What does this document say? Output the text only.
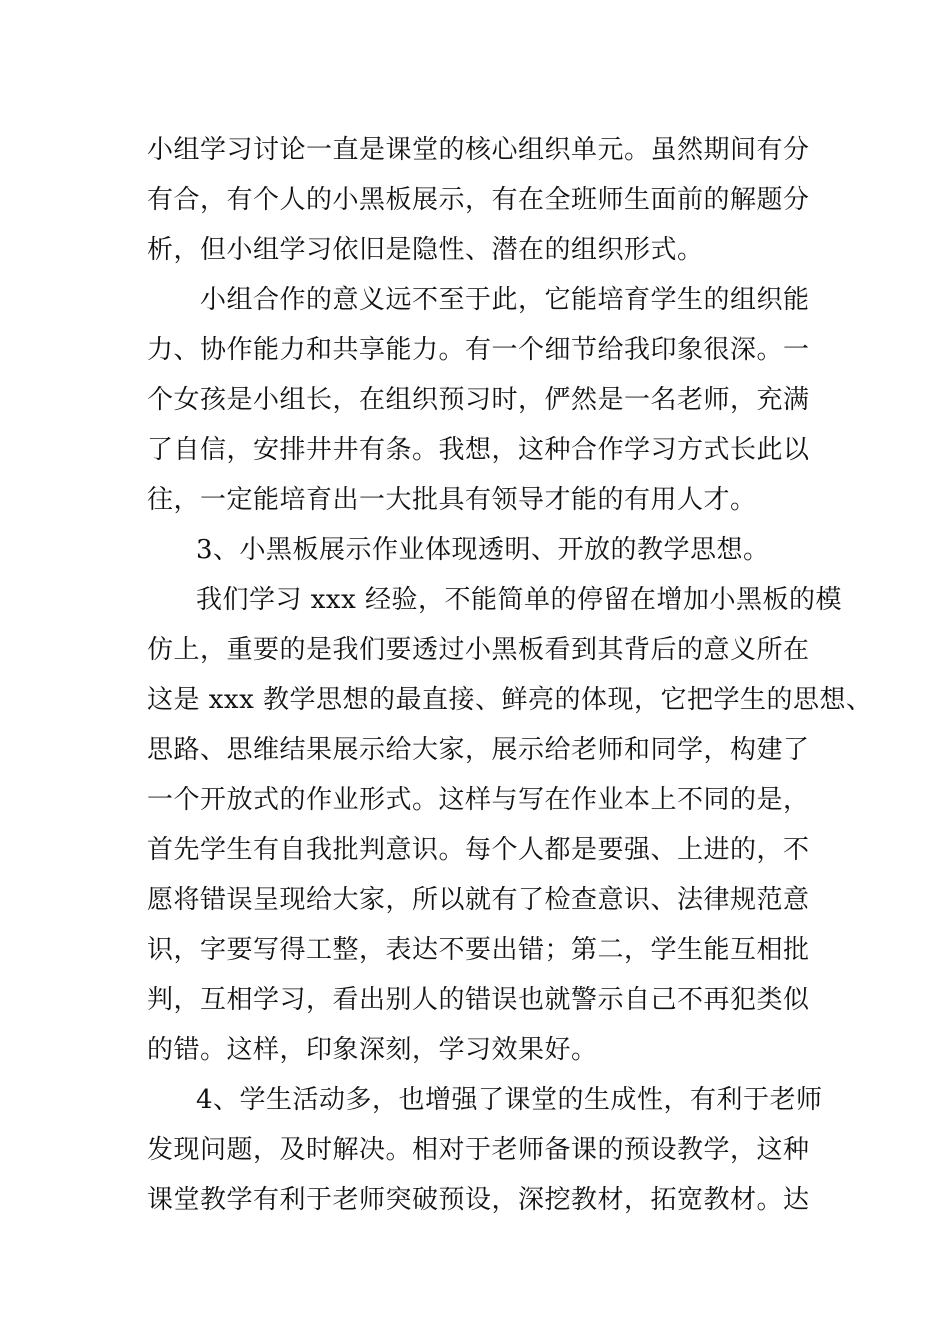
小组学习讨论一直是课堂的核心组织单元。虽然期间有分
有合，有个人的小黑板展示，有在全班师生面前的解题分
析，但小组学习依旧是隐性、潜在的组织形式。
小组合作的意义远不至于此，它能培育学生的组织能
力、协作能力和共享能力。有一个细节给我印象很深。一
个女孩是小组长，在组织预习时，俨然是一名老师，充满
了自信，安排井井有条。我想，这种合作学习方式长此以
往，一定能培育出一大批具有领导才能的有用人才。
3、小黑板展示作业体现透明、开放的教学思想。
我们学习 xxx 经验，不能简单的停留在增加小黑板的模
仿上，重要的是我们要透过小黑板看到其背后的意义所在
这是 xxx 教学思想的最直接、鲜亮的体现，它把学生的思想、
思路、思维结果展示给大家，展示给老师和同学，构建了
一个开放式的作业形式。这样与写在作业本上不同的是，
首先学生有自我批判意识。每个人都是要强、上进的，不
愿将错误呈现给大家，所以就有了检查意识、法律规范意
识，字要写得工整，表达不要出错；第二，学生能互相批
判，互相学习，看出别人的错误也就警示自己不再犯类似
的错。这样，印象深刻，学习效果好。
4、学生活动多，也增强了课堂的生成性，有利于老师
发现问题，及时解决。相对于老师备课的预设教学，这种
课堂教学有利于老师突破预设，深挖教材，拓宽教材。达
